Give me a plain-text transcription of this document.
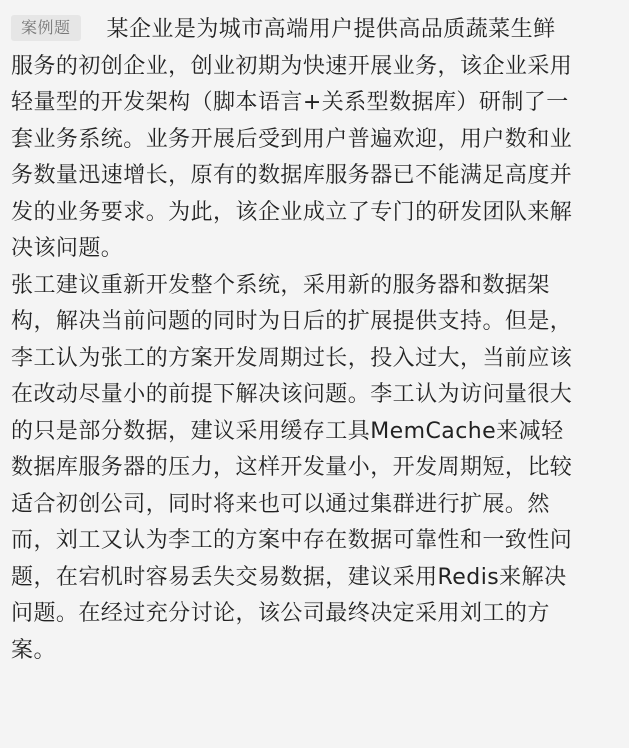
案例题 某企业是为城市高端用户提供高品质蔬菜生鲜
服务的初创企业，创业初期为快速开展业务，该企业采用
轻量型的开发架构（脚本语言+关系型数据库）研制了一
套业务系统。业务开展后受到用户普遍欢迎，用户数和业
务数量迅速增长，原有的数据库服务器已不能满足高度并
发的业务要求。为此，该企业成立了专门的研发团队来解
决该问题。
张工建议重新开发整个系统，采用新的服务器和数据架
构，解决当前问题的同时为日后的扩展提供支持。但是，
李工认为张工的方案开发周期过长，投入过大，当前应该
在改动尽量小的前提下解决该问题。李工认为访问量很大
的只是部分数据，建议采用缓存工具MemCache来减轻
数据库服务器的压力，这样开发量小，开发周期短，比较
适合初创公司，同时将来也可以通过集群进行扩展。然
而，刘工又认为李工的方案中存在数据可靠性和一致性问
题，在宕机时容易丢失交易数据，建议采用Redis来解决
问题。在经过充分讨论，该公司最终决定采用刘工的方
案。
